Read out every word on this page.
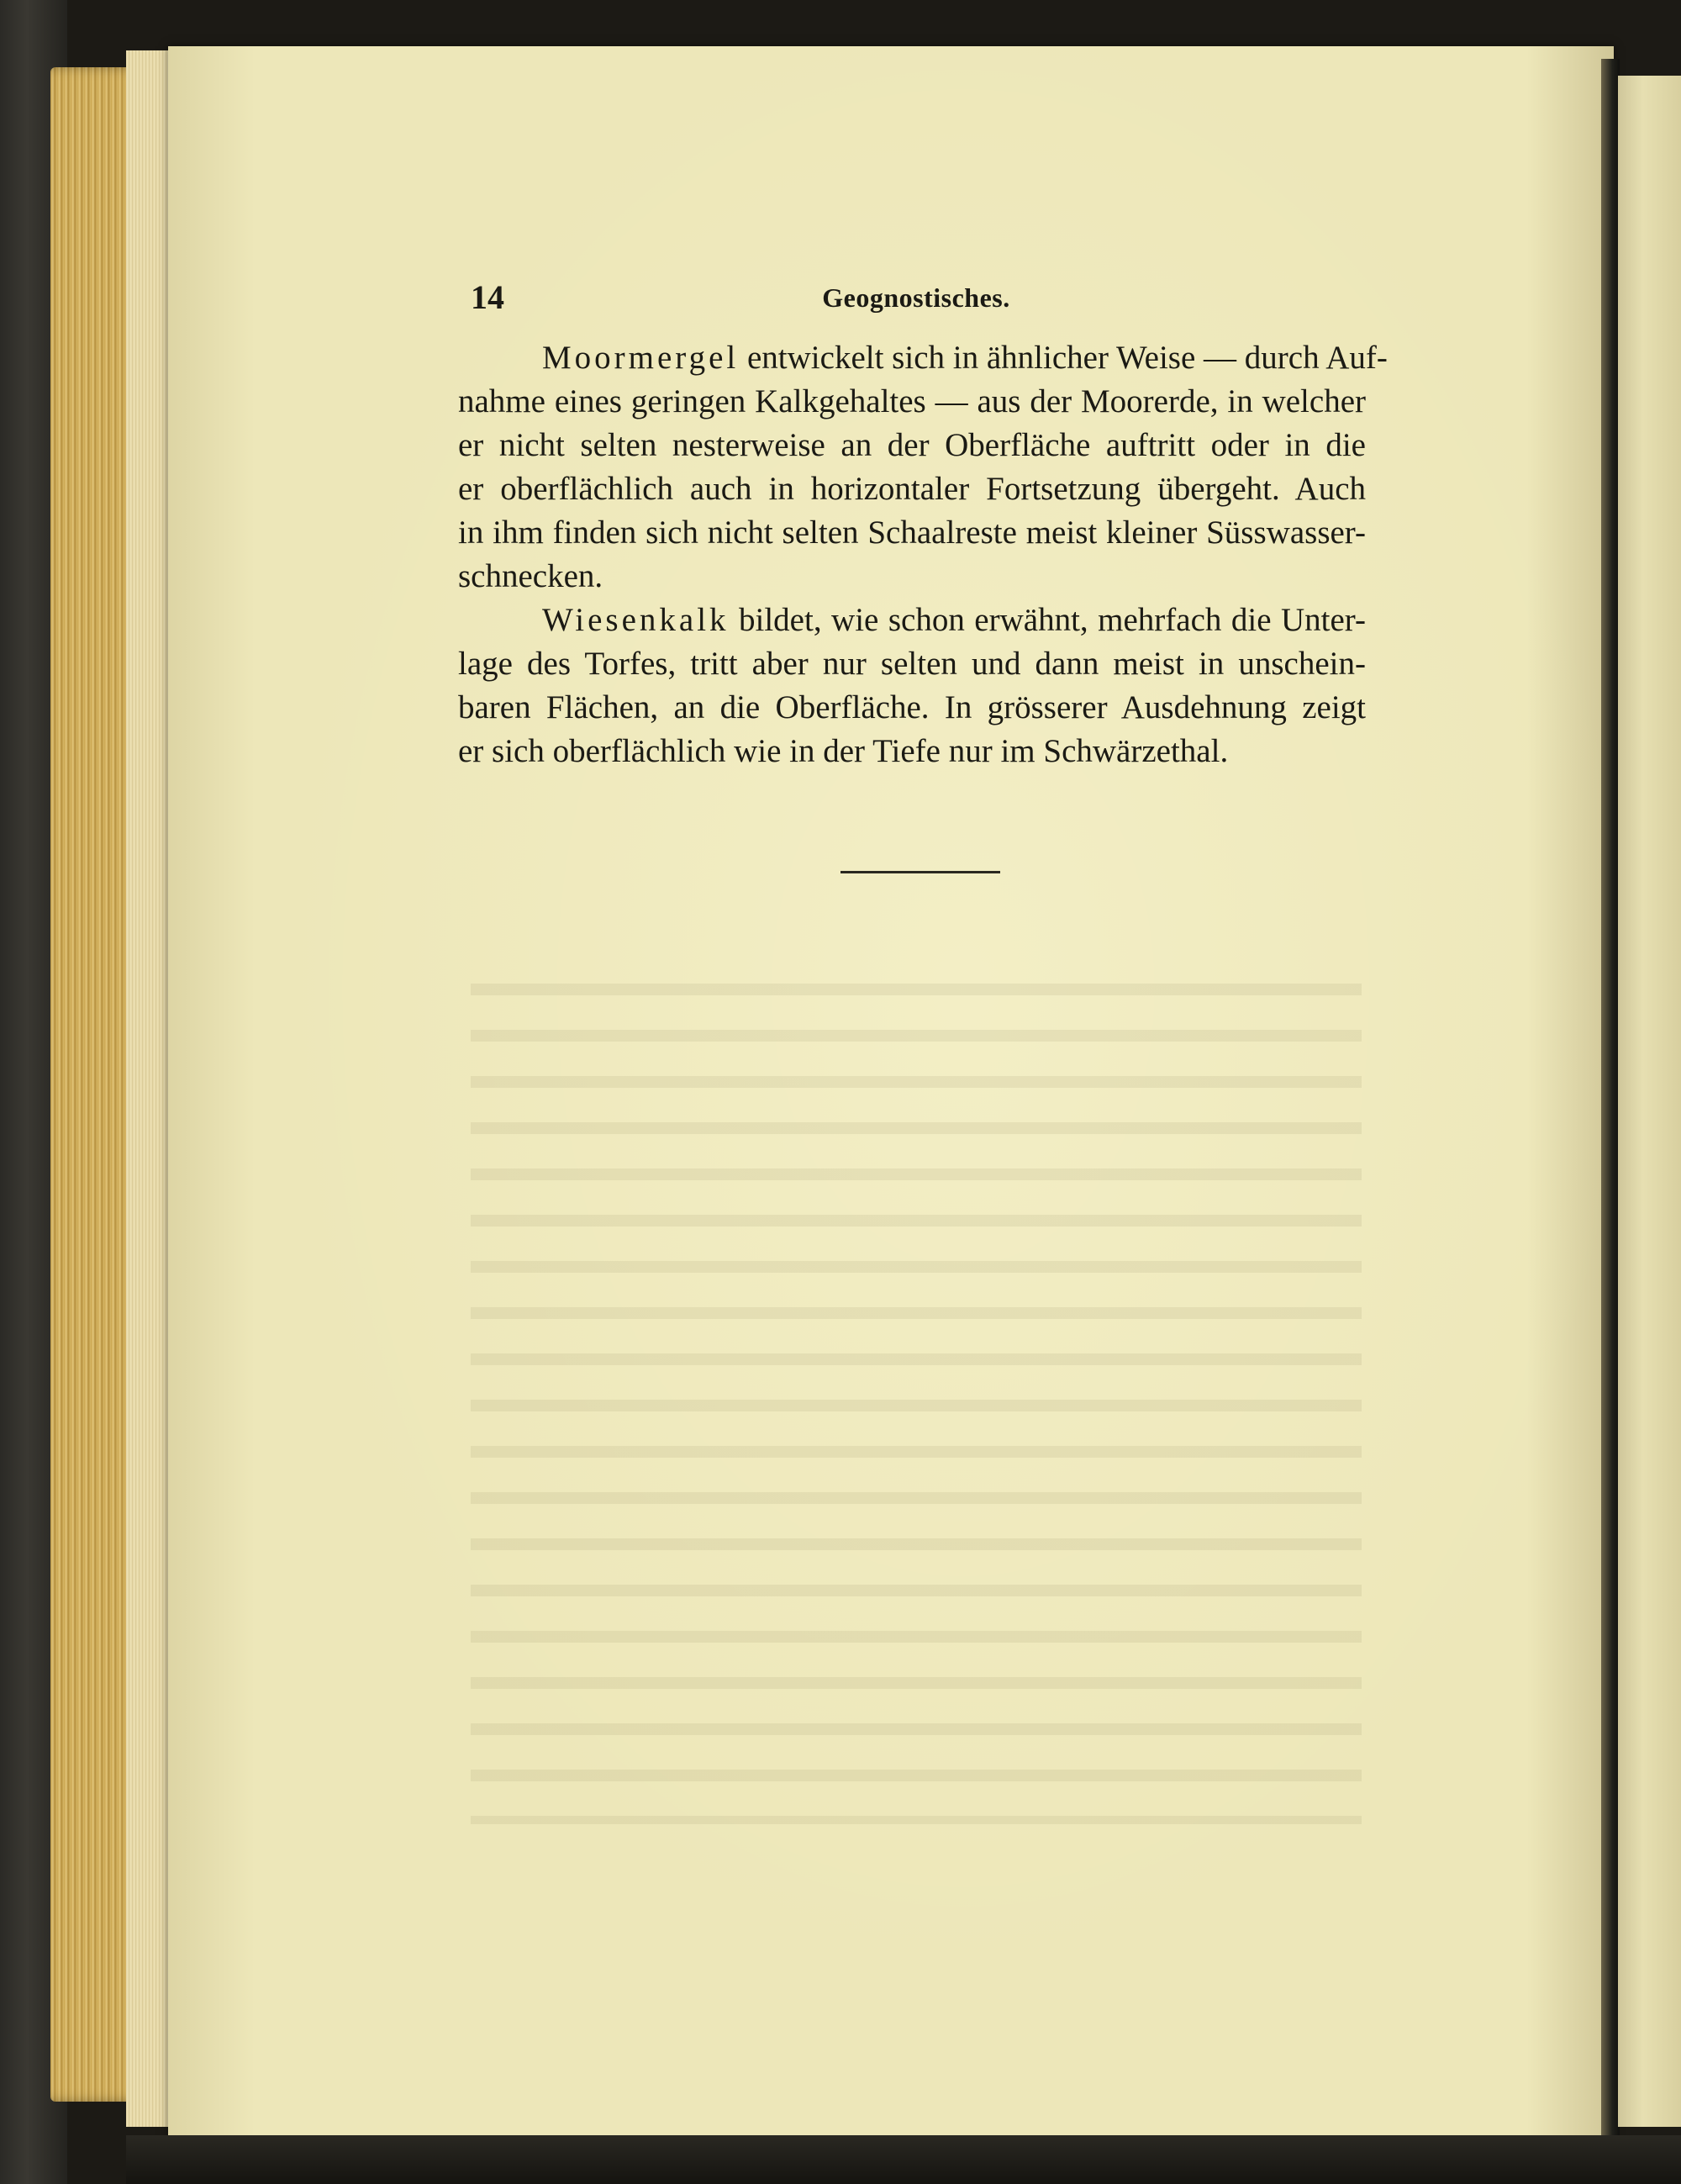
14	Geognostisches.

Moormergel entwickelt sich in ähnlicher Weise — durch Auf-
nahme eines geringen Kalkgehaltes — aus der Moorerde, in welcher
er nicht selten nesterweise an der Oberfläche auftritt oder in die
er oberflächlich auch in horizontaler Fortsetzung übergeht. Auch
in ihm finden sich nicht selten Schaalreste meist kleiner Süsswasser-
schnecken.

Wiesenkalk bildet, wie schon erwähnt, mehrfach die Unter-
lage des Torfes, tritt aber nur selten und dann meist in unschein-
baren Flächen, an die Oberfläche. In grösserer Ausdehnung zeigt
er sich oberflächlich wie in der Tiefe nur im Schwärzethal.
